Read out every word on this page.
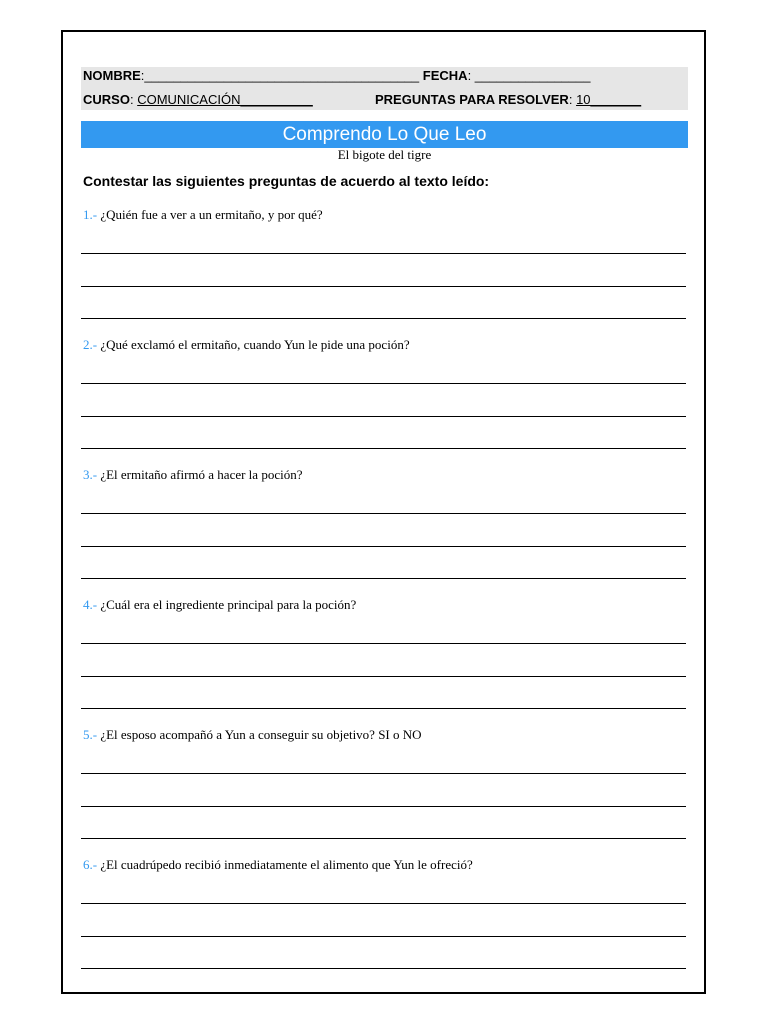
NOMBRE:______________________________________ FECHA: ________________
CURSO: COMUNICACIÓN__________	PREGUNTAS PARA RESOLVER: 10_______
Comprendo Lo Que Leo
El bigote del tigre
Contestar las siguientes preguntas de acuerdo al texto leído:
1.- ¿Quién fue a ver a un ermitaño, y por qué?
2.- ¿Qué exclamó el ermitaño, cuando Yun le pide una poción?
3.- ¿El ermitaño afirmó a hacer la poción?
4.- ¿Cuál era el ingrediente principal para la poción?
5.- ¿El esposo acompañó a Yun a conseguir su objetivo? SI o NO
6.- ¿El cuadrúpedo recibió inmediatamente el alimento que Yun le ofreció?
